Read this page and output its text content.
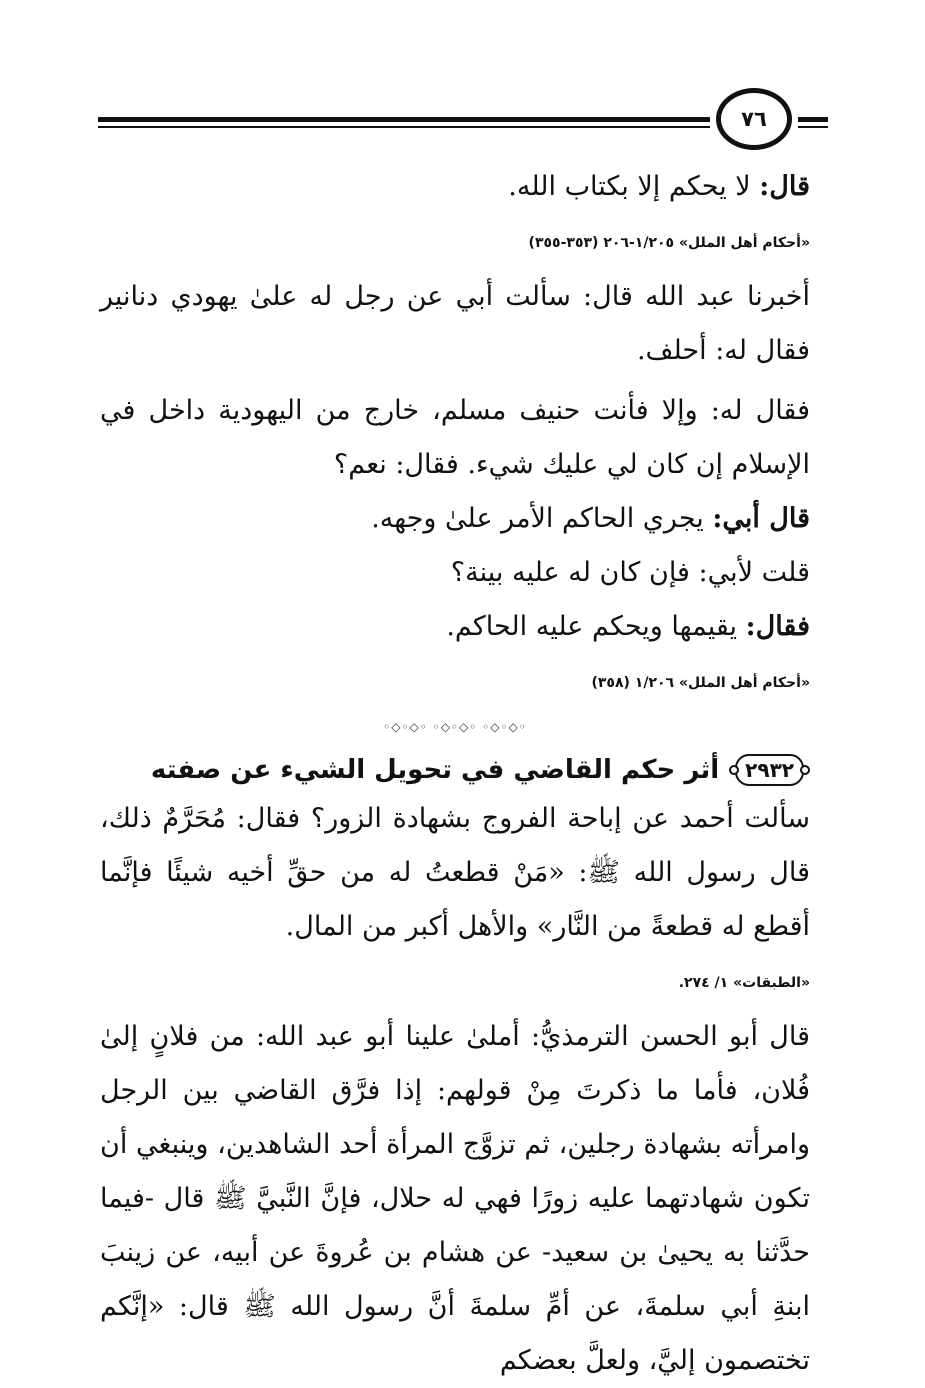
٧٦

قال: لا يحكم إلا بكتاب الله.

«أحكام أهل الملل» ١/٢٠٥-٢٠٦ (٣٥٣-٣٥٥)

أخبرنا عبد الله قال: سألت أبي عن رجل له علىٰ يهودي دنانير فقال له: أحلف.

فقال له: وإلا فأنت حنيف مسلم، خارج من اليهودية داخل في الإسلام إن كان لي عليك شيء. فقال: نعم؟

قال أبي: يجري الحاكم الأمر علىٰ وجهه.

قلت لأبي: فإن كان له عليه بينة؟

فقال: يقيمها ويحكم عليه الحاكم.

«أحكام أهل الملل» ١/٢٠٦ (٣٥٨)
◦◇◦◇◦ ◦◇◦◇◦ ◦◇◦◇◦
٢٩٣٢
أثر حكم القاضي في تحويل الشيء عن صفته

سألت أحمد عن إباحة الفروج بشهادة الزور؟ فقال: مُحَرَّمٌ ذلك، قال رسول الله ﷺ: «مَنْ قطعتُ له من حقِّ أخيه شيئًا فإنَّما أقطع له قطعةً من النَّار» والأهل أكبر من المال.

«الطبقات» ١/ ٢٧٤.

قال أبو الحسن الترمذيُّ: أملىٰ علينا أبو عبد الله: من فلانٍ إلىٰ فُلان، فأما ما ذكرتَ مِنْ قولهم: إذا فرَّق القاضي بين الرجل وامرأته بشهادة رجلين، ثم تزوَّج المرأة أحد الشاهدين، وينبغي أن تكون شهادتهما عليه زورًا فهي له حلال، فإنَّ النَّبيَّ ﷺ قال -فيما حدَّثنا به يحيىٰ بن سعيد- عن هشام بن عُروةَ عن أبيه، عن زينبَ ابنةِ أبي سلمةَ، عن أمِّ سلمةَ أنَّ رسول الله ﷺ قال: «إنَّكم تختصمون إليَّ، ولعلَّ بعضكم
